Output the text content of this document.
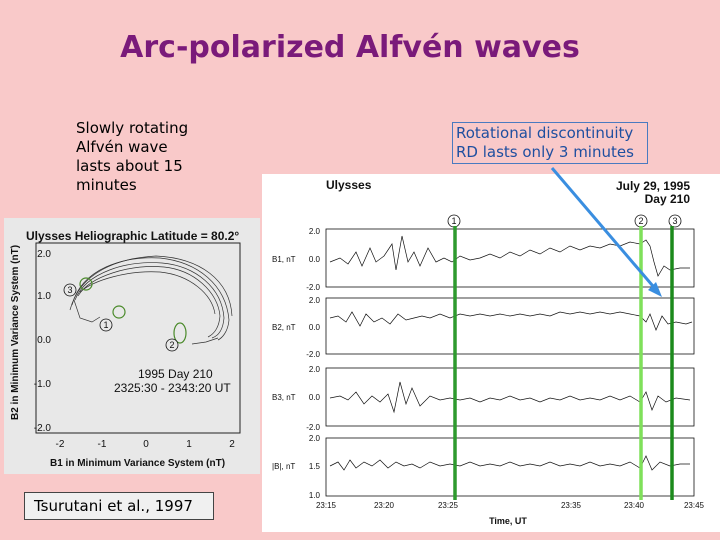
Arc-polarized Alfvén waves
Slowly rotating
Alfvén wave
lasts about 15
minutes
Rotational discontinuity
RD lasts only 3 minutes
Ulysses Heliographic Latitude = 80.2°
B2 in Minimum Variance System (nT)
B1 in Minimum Variance System (nT)
2.0
1.0
0.0
-1.0
-2.0
-2	-1	0	1	2
3
1
2
1995 Day 210
2325:30 - 2343:20 UT
Ulysses	July 29, 1995
Day 210
1	2	3
2.0
0.0
-2.0
2.0
0.0
-2.0
2.0
0.0
-2.0
2.0
1.5
1.0
B1, nT
B2, nT
B3, nT
|B|, nT
23:15	23:20	23:25	23:35	23:40	23:45
Time, UT
Tsurutani et al., 1997
